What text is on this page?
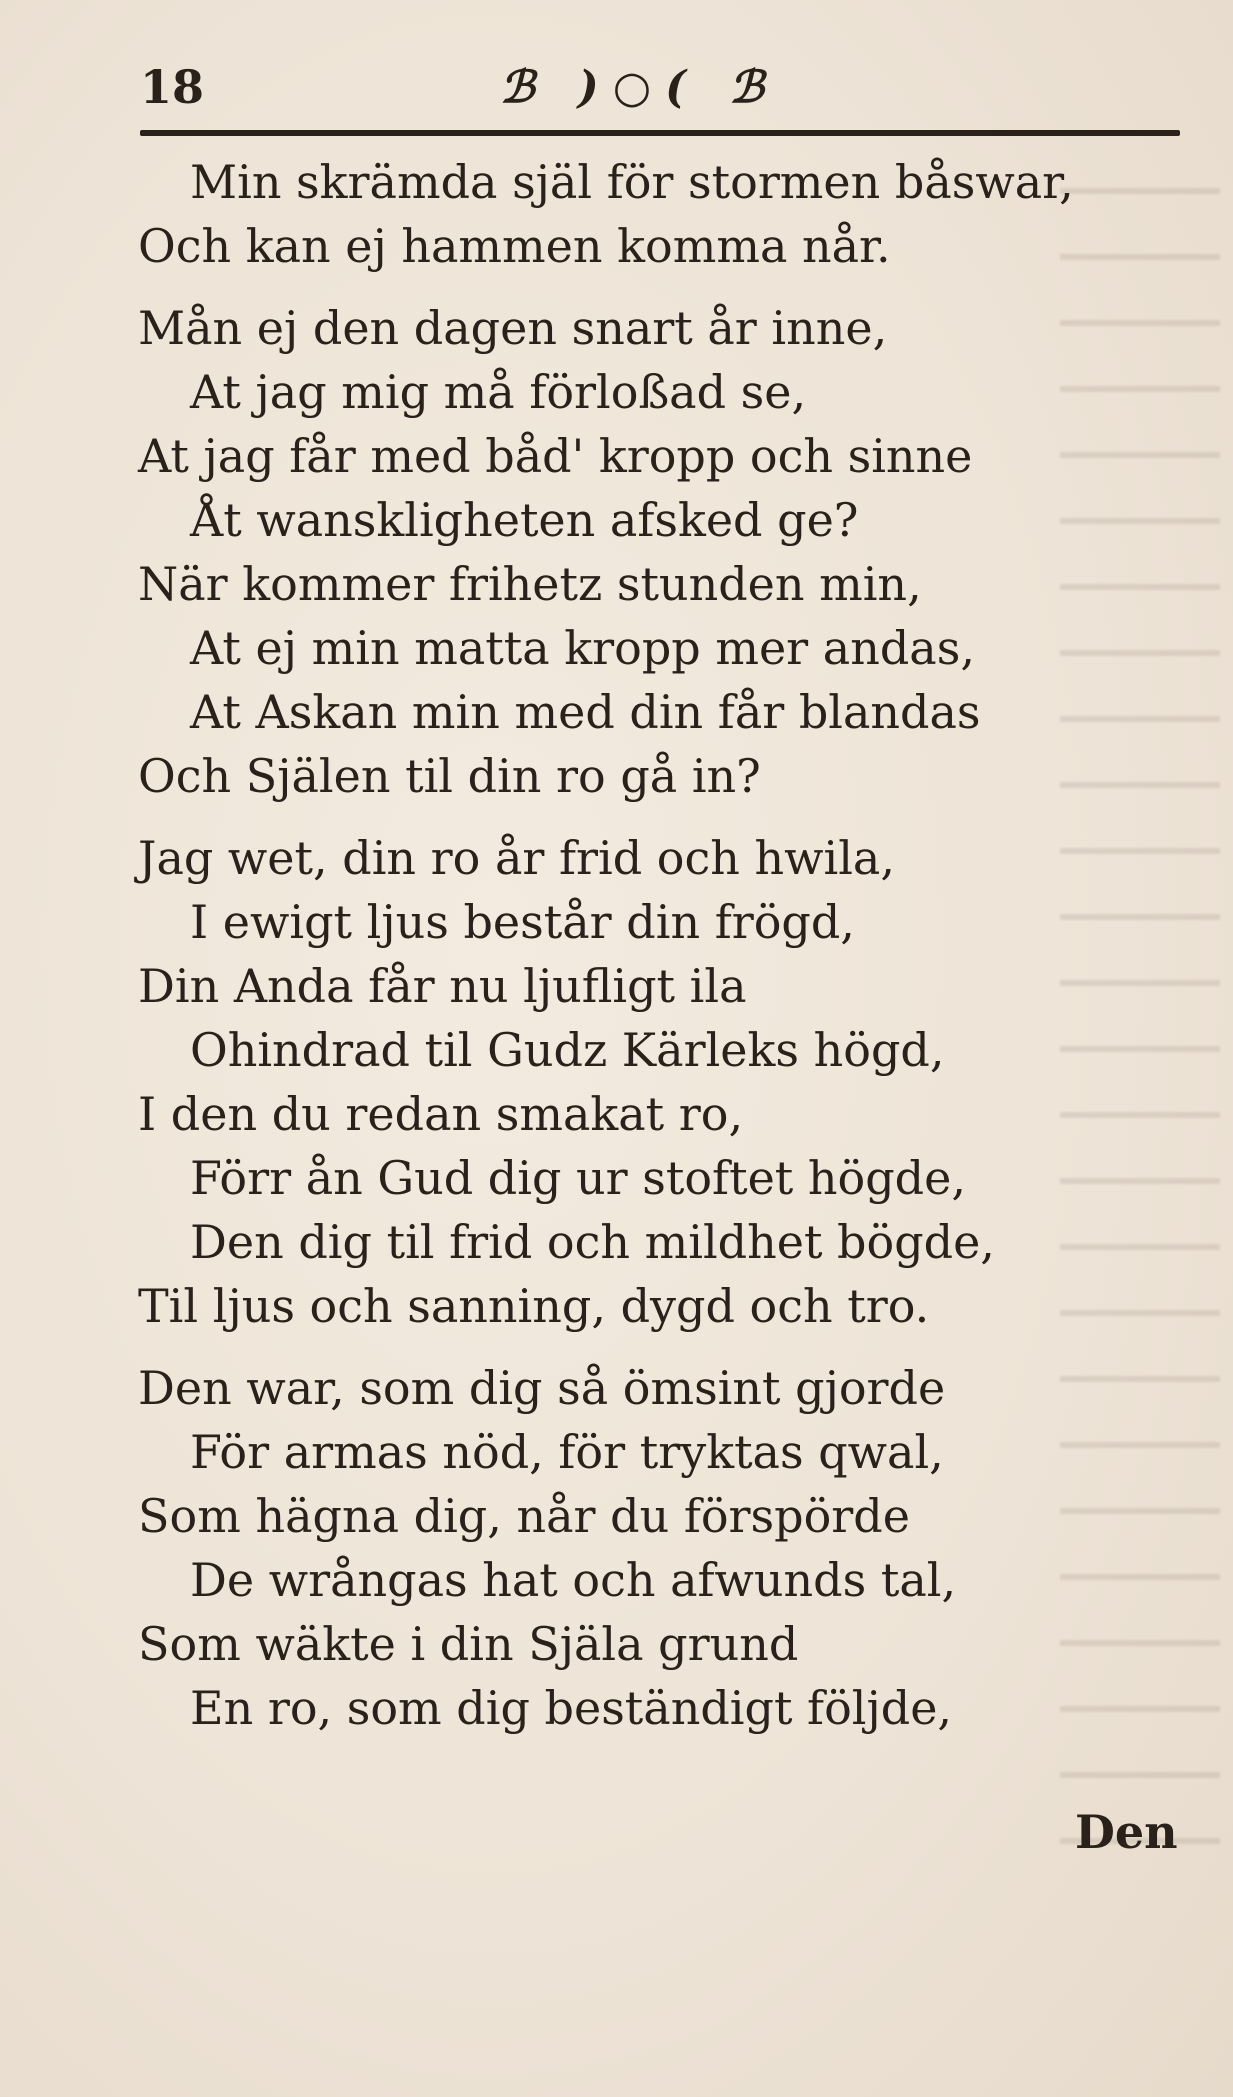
18	ℬ )○( ℬ
Min skrämda själ för stormen båswar,
Och kan ej hammen komma når.
Mån ej den dagen snart år inne,
At jag mig må förloßad se,
At jag får med båd' kropp och sinne
Åt wanskligheten afsked ge?
När kommer frihetz stunden min,
At ej min matta kropp mer andas,
At Askan min med din får blandas
Och Själen til din ro gå in?
Jag wet, din ro år frid och hwila,
I ewigt ljus består din frögd,
Din Anda får nu ljufligt ila
Ohindrad til Gudz Kärleks högd,
I den du redan smakat ro,
Förr ån Gud dig ur stoftet högde,
Den dig til frid och mildhet bögde,
Til ljus och sanning, dygd och tro.
Den war, som dig så ömsint gjorde
För armas nöd, för tryktas qwal,
Som hägna dig, når du förspörde
De wrångas hat och afwunds tal,
Som wäkte i din Själa grund
En ro, som dig beständigt följde,
Den
